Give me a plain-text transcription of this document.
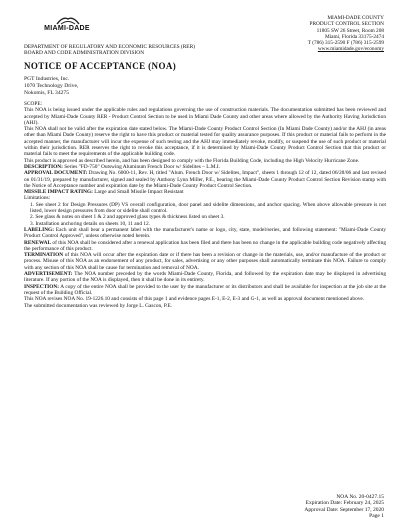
MIAMI-DADE
DEPARTMENT OF REGULATORY AND ECONOMIC RESOURCES (RER)
BOARD AND CODE ADMINISTRATION DIVISION
MIAMI-DADE COUNTY
PRODUCT CONTROL SECTION
11805 SW 26 Street, Room 208
Miami, Florida 33175-2474
T (786) 315-2590 F (786) 315-2599
www.miamidade.gov/economy
NOTICE OF ACCEPTANCE (NOA)
PGT Industries, Inc.
1070 Technology Drive,
Nokomis, FL 34275

SCOPE:

This NOA is being issued under the applicable rules and regulations governing the use of construction materials. The documentation submitted has been reviewed and accepted by Miami-Dade County RER - Product Control Section to be used in Miami Dade County and other areas where allowed by the Authority Having Jurisdiction (AHJ).

This NOA shall not be valid after the expiration date stated below. The Miami-Dade County Product Control Section (In Miami Dade County) and/or the AHJ (in areas other than Miami Dade County) reserve the right to have this product or material tested for quality assurance purposes. If this product or material fails to perform in the accepted manner, the manufacturer will incur the expense of such testing and the AHJ may immediately revoke, modify, or suspend the use of such product or material within their jurisdiction. RER reserves the right to revoke this acceptance, if it is determined by Miami-Dade County Product Control Section that this product or material fails to meet the requirements of the applicable building code.

This product is approved as described herein, and has been designed to comply with the Florida Building Code, including the High Velocity Hurricane Zone.

DESCRIPTION: Series "FD-750" Outswing Aluminum French Door w/ Sidelites – L.M.I.

APPROVAL DOCUMENT: Drawing No. 6000-11, Rev. H, titled "Alum. French Door w/ Sidelites, Impact", sheets 1 through 12 of 12, dated 06/28/06 and last revised on 01/31/19, prepared by manufacturer, signed and sealed by Anthony Lynn Miller, P.E., bearing the Miami-Dade County Product Control Section Revision stamp with the Notice of Acceptance number and expiration date by the Miami-Dade County Product Control Section.

MISSILE IMPACT RATING: Large and Small Missile Impact Resistant

Limitations:

1. See sheet 2 for Design Pressures (DP) VS overall configuration, door panel and sidelite dimensions, and anchor spacing. When above allowable pressure is not listed, lower design pressures from door or sidelite shall control.
2. See glass & notes on sheet 1 & 2 and approved glass types & thickness listed on sheet 3.
3. Installation anchoring details on sheets 10, 11 and 12.

LABELING: Each unit shall bear a permanent label with the manufacturer's name or logo, city, state, model/series, and following statement: "Miami-Dade County Product Control Approved", unless otherwise noted herein.

RENEWAL of this NOA shall be considered after a renewal application has been filed and there has been no change in the applicable building code negatively affecting the performance of this product.

TERMINATION of this NOA will occur after the expiration date or if there has been a revision or change in the materials, use, and/or manufacture of the product or process. Misuse of this NOA as an endorsement of any product, for sales, advertising or any other purposes shall automatically terminate this NOA. Failure to comply with any section of this NOA shall be cause for termination and removal of NOA.

ADVERTISEMENT: The NOA number preceded by the words Miami-Dade County, Florida, and followed by the expiration date may be displayed in advertising literature. If any portion of the NOA is displayed, then it shall be done in its entirety.

INSPECTION: A copy of the entire NOA shall be provided to the user by the manufacturer or its distributors and shall be available for inspection at the job site at the request of the Building Official.

This NOA revises NOA No. 19-1226.10 and consists of this page 1 and evidence pages E-1, E-2, E-3 and G-1, as well as approval document mentioned above.

The submitted documentation was reviewed by Jorge L. Gascon, P.E.

NOA No. 20-0427.15
Expiration Date: February 24, 2025
Approval Date: September 17, 2020
Page 1
